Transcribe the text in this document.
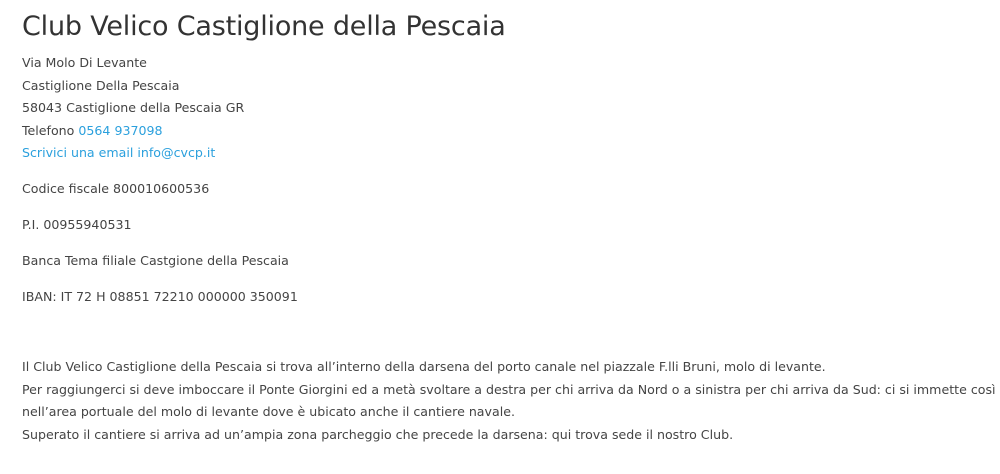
Club Velico Castiglione della Pescaia
Via Molo Di Levante
Castiglione Della Pescaia
58043 Castiglione della Pescaia GR
Telefono 0564 937098
Scrivici una email info@cvcp.it
Codice fiscale 800010600536
P.I. 00955940531
Banca Tema filiale Castgione della Pescaia
IBAN: IT 72 H 08851 72210 000000 350091
Il Club Velico Castiglione della Pescaia si trova all’interno della darsena del porto canale nel piazzale F.lli Bruni, molo di levante.
Per raggiungerci si deve imboccare il Ponte Giorgini ed a metà svoltare a destra per chi arriva da Nord o a sinistra per chi arriva da Sud: ci si immette così
nell’area portuale del molo di levante dove è ubicato anche il cantiere navale.
Superato il cantiere si arriva ad un’ampia zona parcheggio che precede la darsena: qui trova sede il nostro Club.
